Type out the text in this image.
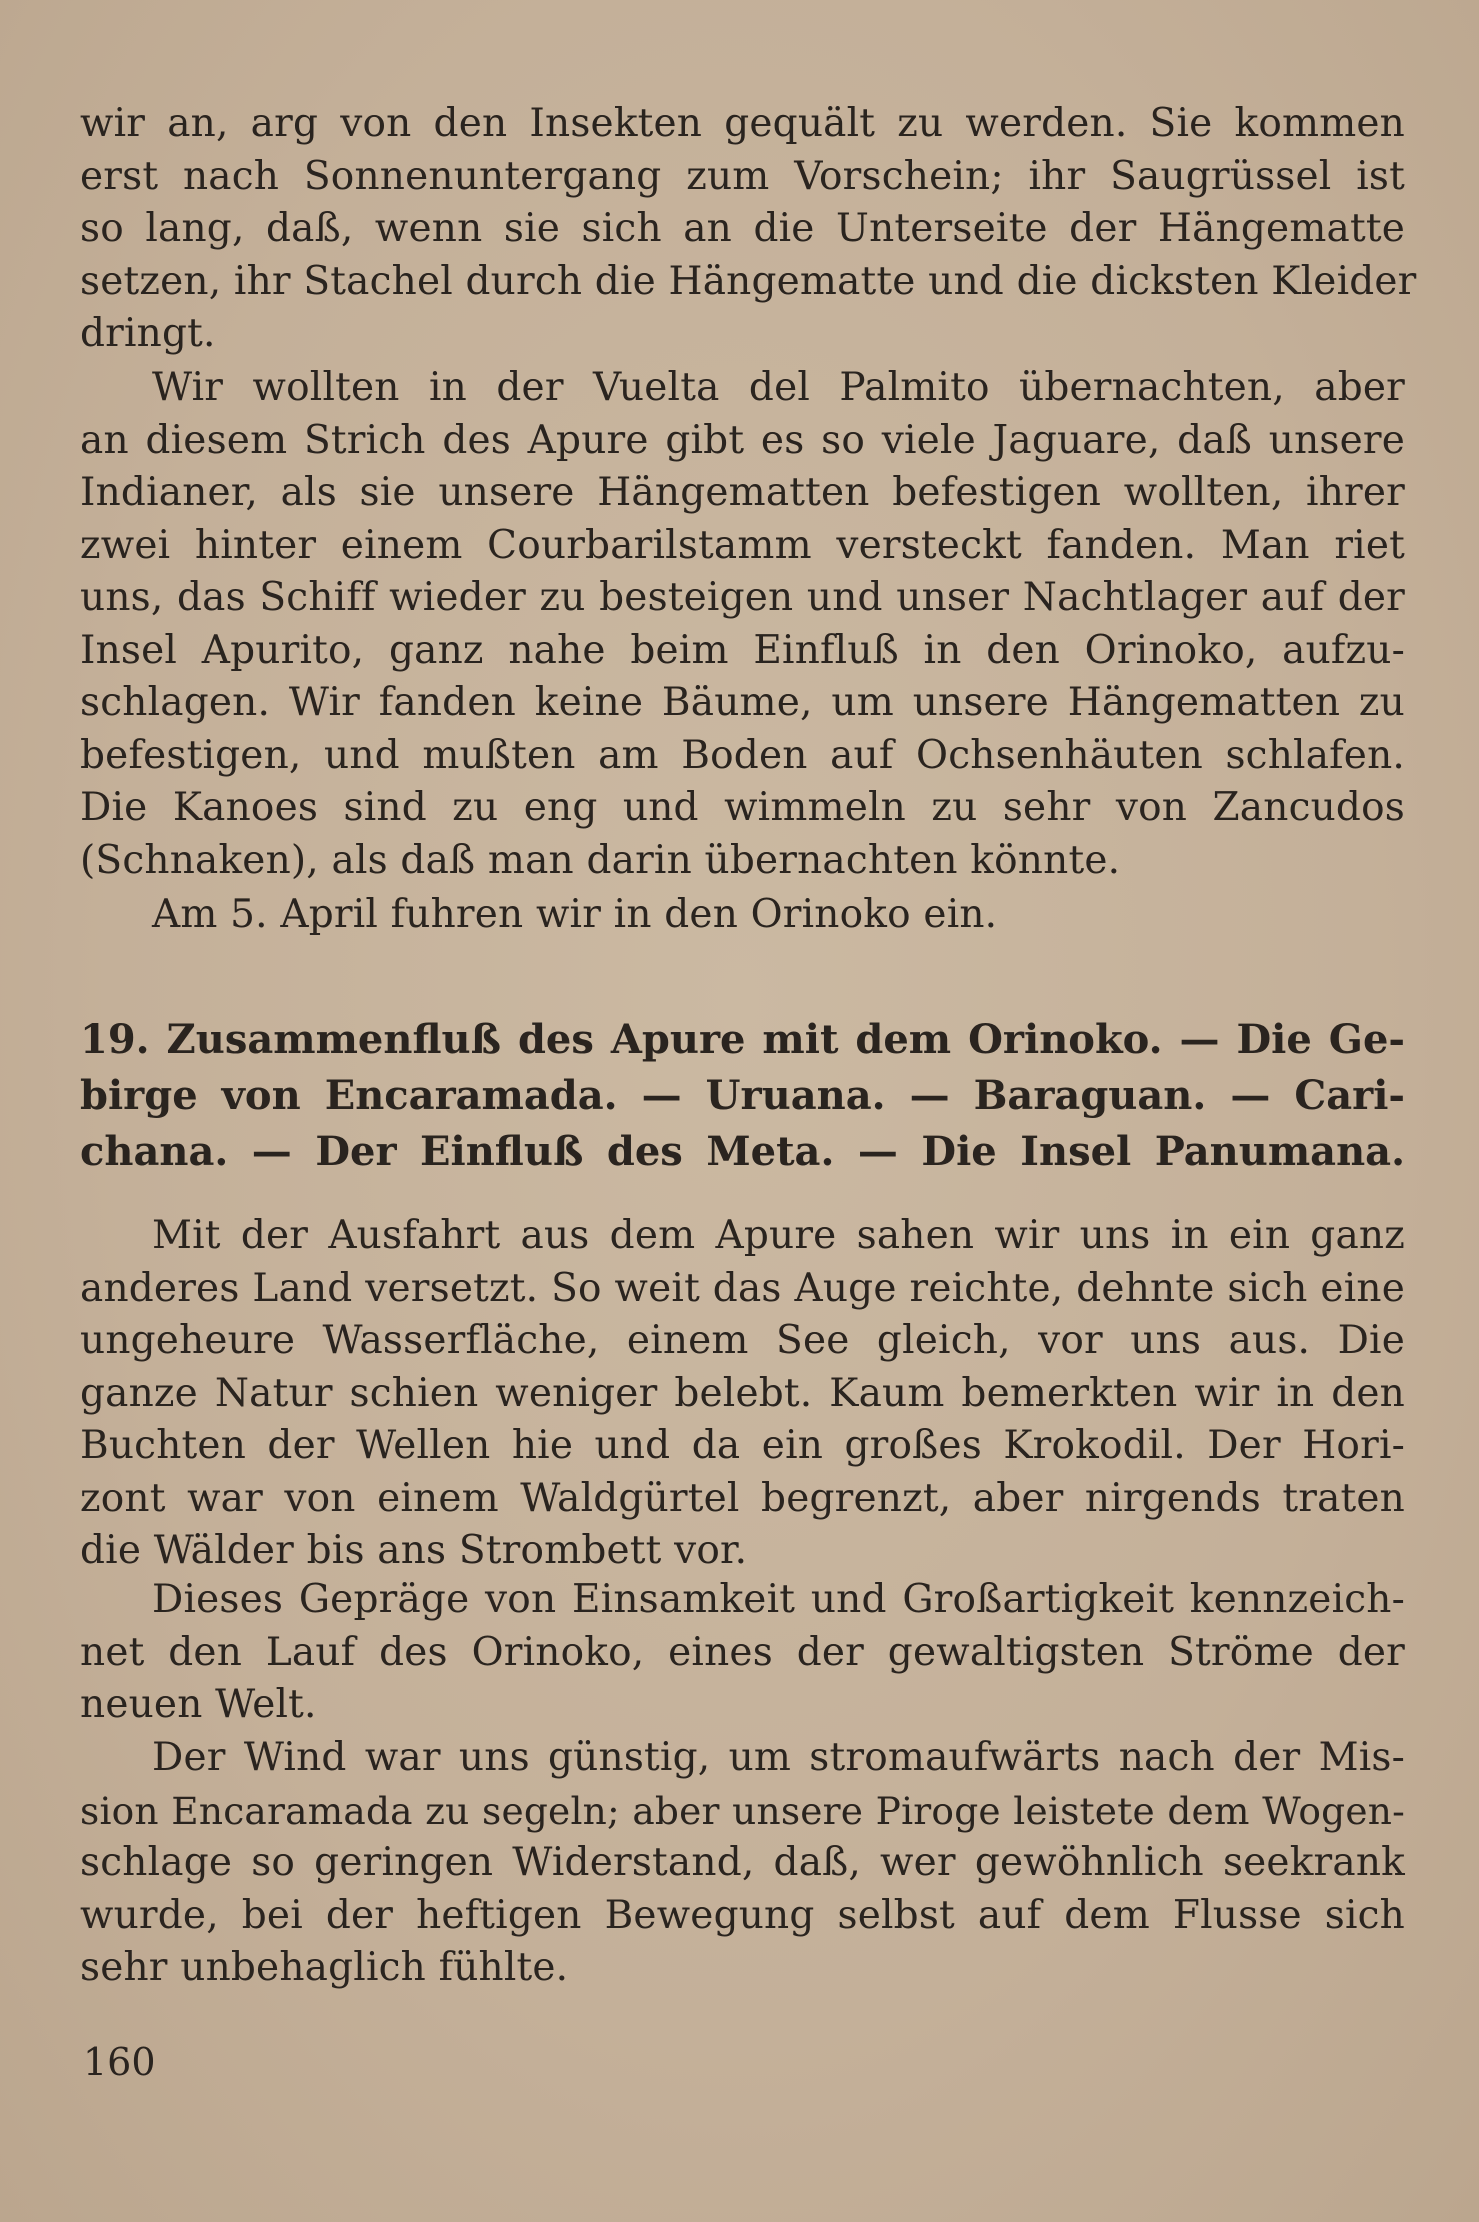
wir an, arg von den Insekten gequält zu werden. Sie kommen
erst nach Sonnenuntergang zum Vorschein; ihr Saugrüssel ist
so lang, daß, wenn sie sich an die Unterseite der Hängematte
setzen, ihr Stachel durch die Hängematte und die dicksten Kleider
dringt.
Wir wollten in der Vuelta del Palmito übernachten, aber
an diesem Strich des Apure gibt es so viele Jaguare, daß unsere
Indianer, als sie unsere Hängematten befestigen wollten, ihrer
zwei hinter einem Courbarilstamm versteckt fanden. Man riet
uns, das Schiff wieder zu besteigen und unser Nachtlager auf der
Insel Apurito, ganz nahe beim Einfluß in den Orinoko, aufzu-
schlagen. Wir fanden keine Bäume, um unsere Hängematten zu
befestigen, und mußten am Boden auf Ochsenhäuten schlafen.
Die Kanoes sind zu eng und wimmeln zu sehr von Zancudos
(Schnaken), als daß man darin übernachten könnte.
Am 5. April fuhren wir in den Orinoko ein.
19. Zusammenfluß des Apure mit dem Orinoko. — Die Ge-
birge von Encaramada. — Uruana. — Baraguan. — Cari-
chana. — Der Einfluß des Meta. — Die Insel Panumana.
Mit der Ausfahrt aus dem Apure sahen wir uns in ein ganz
anderes Land versetzt. So weit das Auge reichte, dehnte sich eine
ungeheure Wasserfläche, einem See gleich, vor uns aus. Die
ganze Natur schien weniger belebt. Kaum bemerkten wir in den
Buchten der Wellen hie und da ein großes Krokodil. Der Hori-
zont war von einem Waldgürtel begrenzt, aber nirgends traten
die Wälder bis ans Strombett vor.
Dieses Gepräge von Einsamkeit und Großartigkeit kennzeich-
net den Lauf des Orinoko, eines der gewaltigsten Ströme der
neuen Welt.
Der Wind war uns günstig, um stromaufwärts nach der Mis-
sion Encaramada zu segeln; aber unsere Piroge leistete dem Wogen-
schlage so geringen Widerstand, daß, wer gewöhnlich seekrank
wurde, bei der heftigen Bewegung selbst auf dem Flusse sich
sehr unbehaglich fühlte.
160
